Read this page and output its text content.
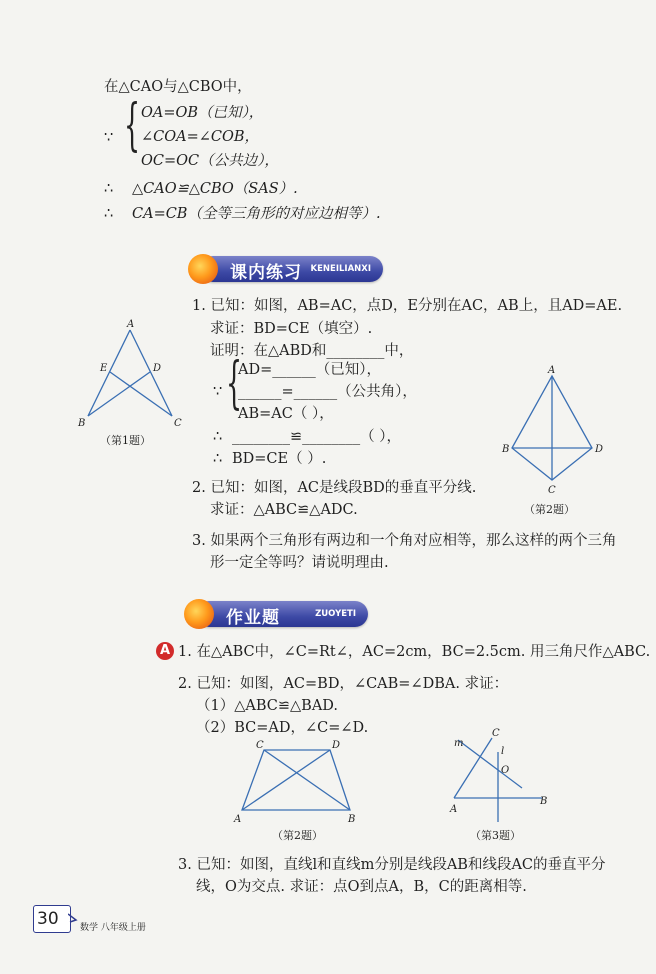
在△CAO与△CBO中，
∵ { OA=OB（已知），
∠COA=∠COB，
OC=OC（公共边），
∴ △CAO≌△CBO（SAS）.
∴ CA=CB（全等三角形的对应边相等）.
课内练习 KENEILIANXI
A
B	C
D
E
（第1题）
1. 已知：如图，AB=AC，点D，E分别在AC，AB上，且AD=AE.
求证：BD=CE（填空）.
证明：在△ABD和________中，
∵ {
AD=______（已知），
______=______（公共角），
AB=AC（ ），
∴ ________≌________（ ），
∴ BD=CE（ ）.
A
B
C
D
（第2题）
2. 已知：如图，AC是线段BD的垂直平分线.
求证：△ABC≌△ADC.
3. 如果两个三角形有两边和一个角对应相等，那么这样的两个三角
形一定全等吗？请说明理由.
作业题	ZUOYETI
A 1. 在△ABC中，∠C=Rt∠，AC=2cm，BC=2.5cm. 用三角尺作△ABC.
2. 已知：如图，AC=BD，∠CAB=∠DBA. 求证：
（1）△ABC≌△BAD.
（2）BC=AD，∠C=∠D.
C	D
A	B
（第2题）
A
B
C
O
l
m
（第3题）
3. 已知：如图，直线l和直线m分别是线段AB和线段AC的垂直平分
线，O为交点. 求证：点O到点A，B，C的距离相等.
30 数学 八年级上册
